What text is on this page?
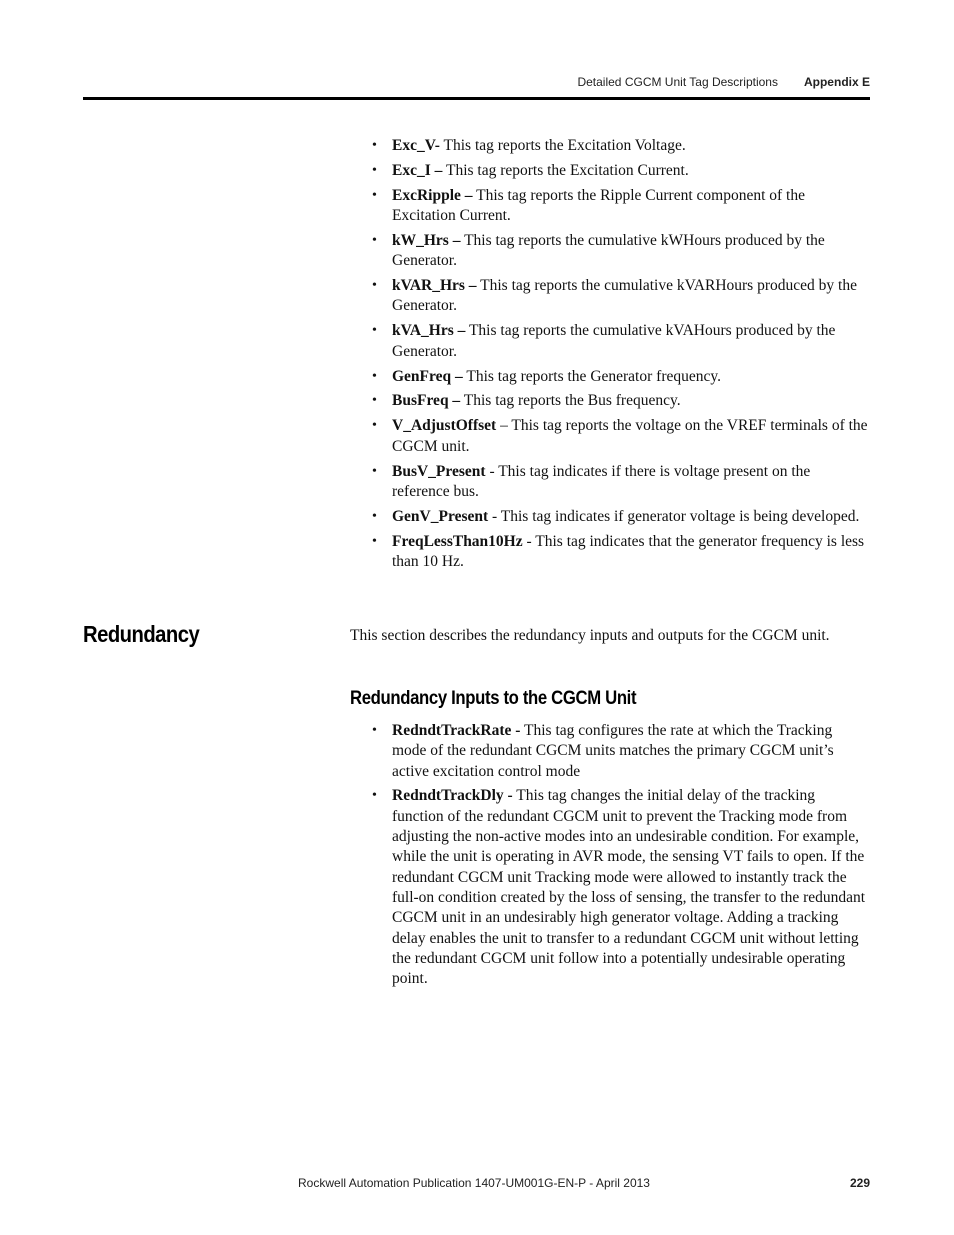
Detailed CGCM Unit Tag Descriptions Appendix E
• Exc_V- This tag reports the Excitation Voltage.
• Exc_I – This tag reports the Excitation Current.
• ExcRipple – This tag reports the Ripple Current component of the Excitation Current.
• kW_Hrs – This tag reports the cumulative kWHours produced by the Generator.
• kVAR_Hrs – This tag reports the cumulative kVARHours produced by the Generator.
• kVA_Hrs – This tag reports the cumulative kVAHours produced by the Generator.
• GenFreq – This tag reports the Generator frequency.
• BusFreq – This tag reports the Bus frequency.
• V_AdjustOffset – This tag reports the voltage on the VREF terminals of the CGCM unit.
• BusV_Present - This tag indicates if there is voltage present on the reference bus.
• GenV_Present - This tag indicates if generator voltage is being developed.
• FreqLessThan10Hz - This tag indicates that the generator frequency is less than 10 Hz.
Redundancy	This section describes the redundancy inputs and outputs for the CGCM unit.

Redundancy Inputs to the CGCM Unit
• RedndtTrackRate - This tag configures the rate at which the Tracking mode of the redundant CGCM units matches the primary CGCM unit’s active excitation control mode
• RedndtTrackDly - This tag changes the initial delay of the tracking function of the redundant CGCM unit to prevent the Tracking mode from adjusting the non-active modes into an undesirable condition. For example, while the unit is operating in AVR mode, the sensing VT fails to open. If the redundant CGCM unit Tracking mode were allowed to instantly track the full-on condition created by the loss of sensing, the transfer to the redundant CGCM unit in an undesirably high generator voltage. Adding a tracking delay enables the unit to transfer to a redundant CGCM unit without letting the redundant CGCM unit follow into a potentially undesirable operating point.
Rockwell Automation Publication 1407-UM001G-EN-P - April 2013	229
